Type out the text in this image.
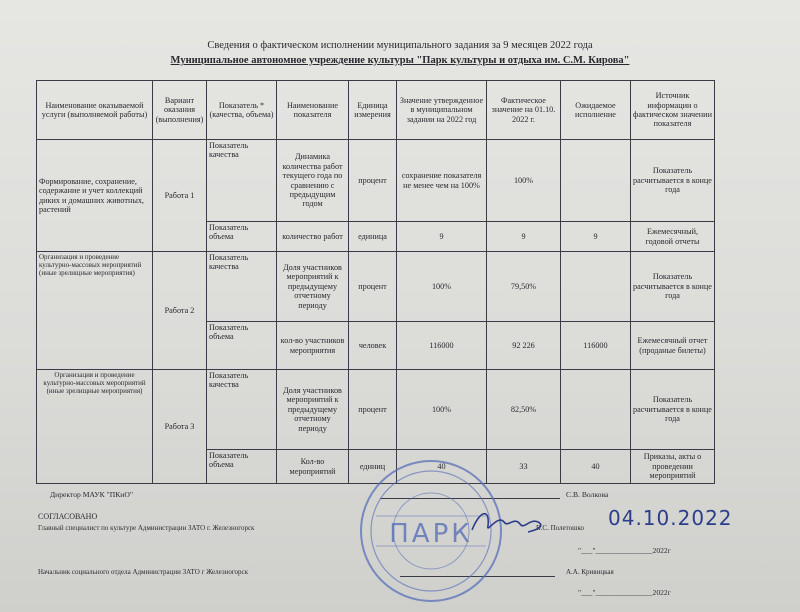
Сведения о фактическом исполнении муниципального задания за 9 месяцев 2022 года
Муниципальное автономное учреждение культуры "Парк культуры и отдыха им. С.М. Кирова"
Наименование оказываемой услуги (выполняемой работы)	Вариант оказания (выполнения)	Показатель * (качества, объема)	Наименование показателя	Единица измерения	Значение утвержденное в муниципальном задании на 2022 год	Фактическое значение на 01.10. 2022 г.	Ожидаемое исполнение	Источник информации о фактическом значении показателя
Формирование, сохранение, содержание и учет коллекций диких и домашних животных, растений	Работа 1	Показатель качества	Динамика количества работ текущего года по сравнению с предыдущим годом	процент	сохранение показателя не менее чем на 100%	100%		Показатель расчитывается в конце года
		Показатель объема	количество работ	единица	9	9	9	Ежемесячный, годовой отчеты
Организация и проведение культурно-массовых мероприятий (иные зрелищные мероприятия)	Работа 2	Показатель качества	Доля участников мероприятий к предыдущему отчетному периоду	процент	100%	79,50%		Показатель расчитывается в конце года
		Показатель объема	кол-во участников мероприятия	человек	116000	92 226	116000	Ежемесячный отчет (проданые билеты)
Организация и проведение культурно-массовых мероприятий (иные зрелищные мероприятия)	Работа 3	Показатель качества	Доля участников мероприятий к предыдущему отчетному периоду	процент	100%	82,50%		Показатель расчитывается в конце года
		Показатель объема	Кол-во мероприятий	единиц	40	33	40	Приказы, акты о проведении мероприятий
Директор МАУК "ПКиО"	С.В. Волкова
СОГЛАСОВАНО
Главный специалист по культуре Администрации ЗАТО г. Железногорск	В.С. Полетошко
"___"_______________2022г
Начальник социального отдела Администрации ЗАТО г Железногорск	А.А. Кривицкая
"___"_______________2022г
ПАРК
04.10.2022
